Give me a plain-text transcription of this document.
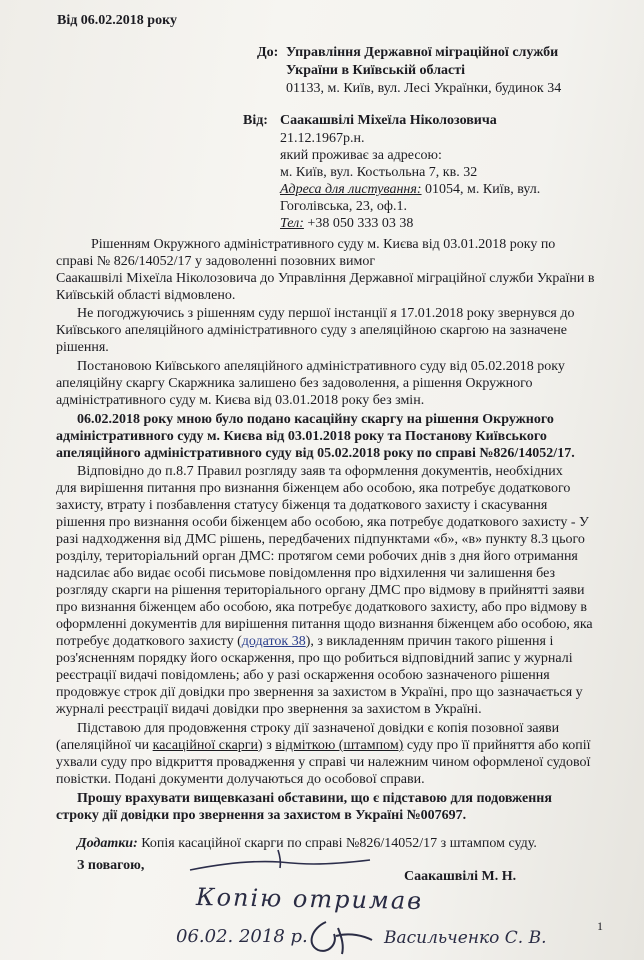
Від 06.02.2018 року
До: Управління Державної міграційної служби
України в Київській області
01133, м. Київ, вул. Лесі Українки, будинок 34
Від: Саакашвілі Міхеїла Ніколозовича
21.12.1967р.н.
який проживає за адресою:
м. Київ, вул. Костьольна 7, кв. 32
Адреса для листування: 01054, м. Київ, вул.
Гоголівська, 23, оф.1.
Тел: +38 050 333 03 38
Рішенням Окружного адміністративного суду м. Києва від 03.01.2018 року по
справі № 826/14052/17 у задоволенні позовних вимог
Саакашвілі Міхеїла Ніколозовича до Управління Державної міграційної служби України в
Київській області відмовлено.
Не погоджуючись з рішенням суду першої інстанції я 17.01.2018 року звернувся до
Київського апеляційного адміністративного суду з апеляційною скаргою на зазначене
рішення.
Постановою Київського апеляційного адміністративного суду від 05.02.2018 року
апеляційну скаргу Скаржника залишено без задоволення, а рішення Окружного
адміністративного суду м. Києва від 03.01.2018 року без змін.
06.02.2018 року мною було подано касаційну скаргу на рішення Окружного
адміністративного суду м. Києва від 03.01.2018 року та Постанову Київського
апеляційного адміністративного суду від 05.02.2018 року по справі №826/14052/17.
Відповідно до п.8.7 Правил розгляду заяв та оформлення документів, необхідних
для вирішення питання про визнання біженцем або особою, яка потребує додаткового
захисту, втрату і позбавлення статусу біженця та додаткового захисту і скасування
рішення про визнання особи біженцем або особою, яка потребує додаткового захисту - У
разі надходження від ДМС рішень, передбачених підпунктами «б», «в» пункту 8.3 цього
розділу, територіальний орган ДМС: протягом семи робочих днів з дня його отримання
надсилає або видає особі письмове повідомлення про відхилення чи залишення без
розгляду скарги на рішення територіального органу ДМС про відмову в прийнятті заяви
про визнання біженцем або особою, яка потребує додаткового захисту, або про відмову в
оформленні документів для вирішення питання щодо визнання біженцем або особою, яка
потребує додаткового захисту (додаток 38), з викладенням причин такого рішення і
роз'ясненням порядку його оскарження, про що робиться відповідний запис у журналі
реєстрації видачі повідомлень; або у разі оскарження особою зазначеного рішення
продовжує строк дії довідки про звернення за захистом в Україні, про що зазначається у
журналі реєстрації видачі довідки про звернення за захистом в Україні.
Підставою для продовження строку дії зазначеної довідки є копія позовної заяви
(апеляційної чи касаційної скарги) з відміткою (штампом) суду про її прийняття або копії
ухвали суду про відкриття провадження у справі чи належним чином оформленої судової
повістки. Подані документи долучаються до особової справи.
Прошу врахувати вищевказані обставини, що є підставою для подовження
строку дії довідки про звернення за захистом в Україні №007697.
Додатки: Копія касаційної скарги по справі №826/14052/17 з штампом суду.
З повагою,
Саакашвілі М. Н.
Копію отримав
06.02. 2018 р.	Васильченко С. В.
1
